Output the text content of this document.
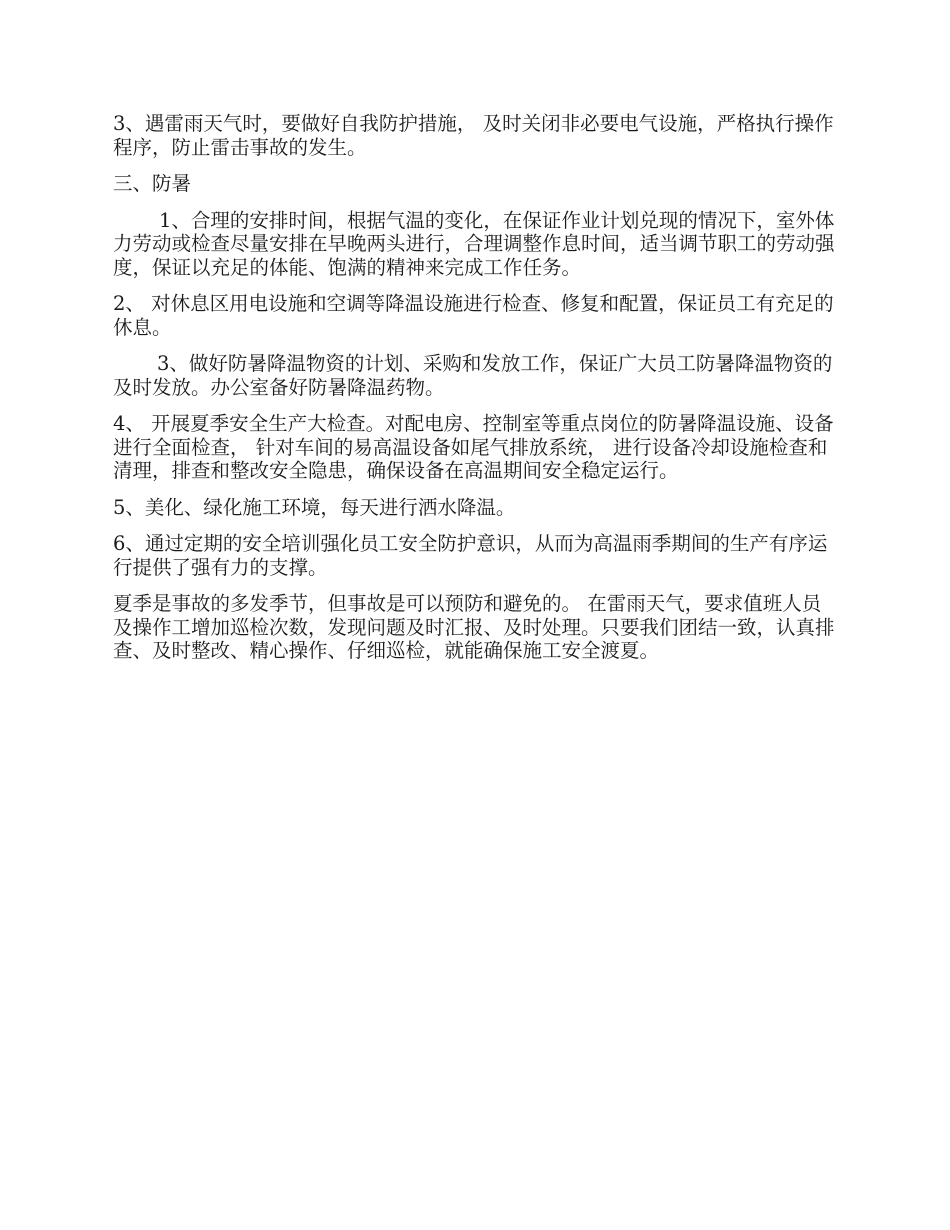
3、遇雷雨天气时，要做好自我防护措施， 及时关闭非必要电气设施，严格执行操作程序，防止雷击事故的发生。

三、防暑

1、合理的安排时间，根据气温的变化，在保证作业计划兑现的情况下，室外体力劳动或检查尽量安排在早晚两头进行，合理调整作息时间，适当调节职工的劳动强度，保证以充足的体能、饱满的精神来完成工作任务。

2、 对休息区用电设施和空调等降温设施进行检查、修复和配置，保证员工有充足的休息。

3、做好防暑降温物资的计划、采购和发放工作，保证广大员工防暑降温物资的及时发放。办公室备好防暑降温药物。

4、 开展夏季安全生产大检查。对配电房、控制室等重点岗位的防暑降温设施、设备进行全面检查， 针对车间的易高温设备如尾气排放系统， 进行设备冷却设施检查和清理，排查和整改安全隐患，确保设备在高温期间安全稳定运行。

5、美化、绿化施工环境，每天进行洒水降温。

6、通过定期的安全培训强化员工安全防护意识，从而为高温雨季期间的生产有序运行提供了强有力的支撑。

夏季是事故的多发季节，但事故是可以预防和避免的。 在雷雨天气，要求值班人员及操作工增加巡检次数，发现问题及时汇报、及时处理。只要我们团结一致，认真排查、及时整改、精心操作、仔细巡检，就能确保施工安全渡夏。
